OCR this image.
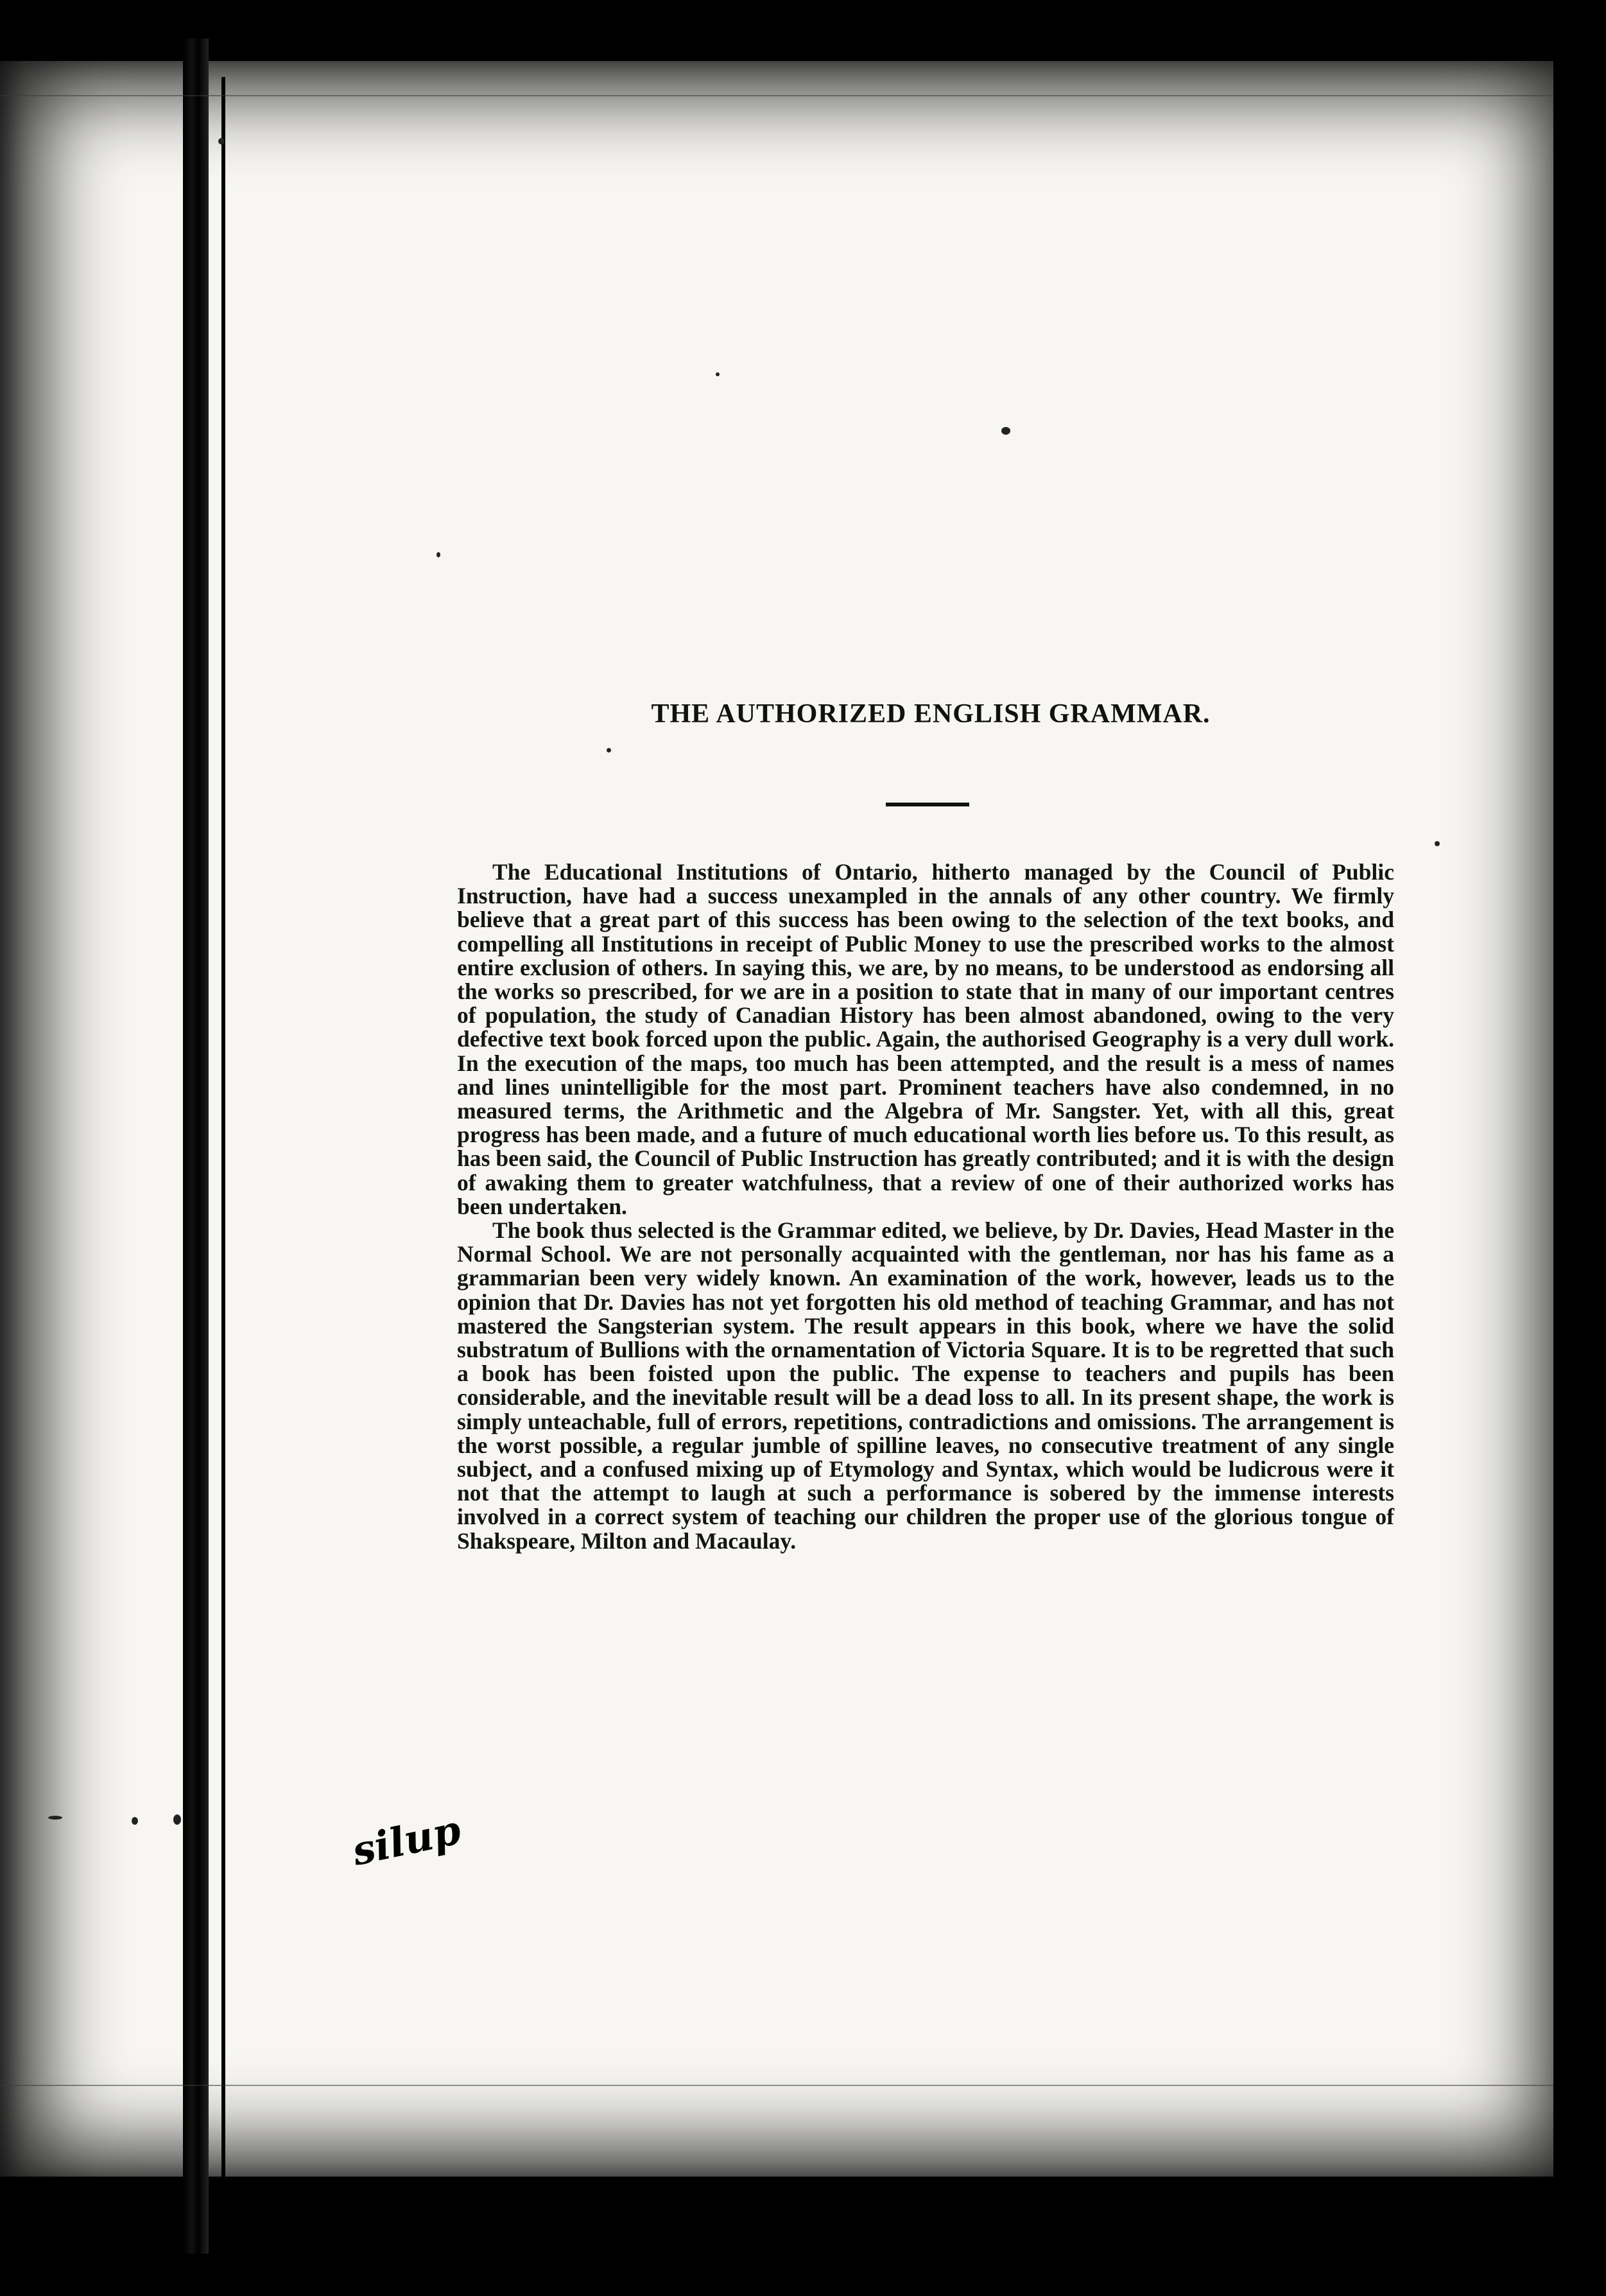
THE AUTHORIZED ENGLISH GRAMMAR.

The Educational Institutions of Ontario, hitherto managed by the Council of Public Instruction, have had a success unexampled in the annals of any other country. We firmly believe that a great part of this success has been owing to the selection of the text books, and compelling all Institutions in receipt of Public Money to use the prescribed works to the almost entire exclusion of others. In saying this, we are, by no means, to be understood as endorsing all the works so prescribed, for we are in a position to state that in many of our important centres of population, the study of Canadian History has been almost abandoned, owing to the very defective text book forced upon the public. Again, the authorised Geography is a very dull work. In the execution of the maps, too much has been attempted, and the result is a mess of names and lines unintelligible for the most part. Prominent teachers have also condemned, in no measured terms, the Arithmetic and the Algebra of Mr. Sangster. Yet, with all this, great progress has been made, and a future of much educational worth lies before us. To this result, as has been said, the Council of Public Instruction has greatly contributed; and it is with the design of awaking them to greater watchfulness, that a review of one of their authorized works has been undertaken.

The book thus selected is the Grammar edited, we believe, by Dr. Davies, Head Master in the Normal School. We are not personally acquainted with the gentleman, nor has his fame as a grammarian been very widely known. An examination of the work, however, leads us to the opinion that Dr. Davies has not yet forgotten his old method of teaching Grammar, and has not mastered the Sangsterian system. The result appears in this book, where we have the solid substratum of Bullions with the ornamentation of Victoria Square. It is to be regretted that such a book has been foisted upon the public. The expense to teachers and pupils has been considerable, and the inevitable result will be a dead loss to all. In its present shape, the work is simply unteachable, full of errors, repetitions, contradictions and omissions. The arrangement is the worst possible, a regular jumble of spilline leaves, no consecutive treatment of any single subject, and a confused mixing up of Etymology and Syntax, which would be ludicrous were it not that the attempt to laugh at such a performance is sobered by the immense interests involved in a correct system of teaching our children the proper use of the glorious tongue of Shakspeare, Milton and Macaulay.

silup
